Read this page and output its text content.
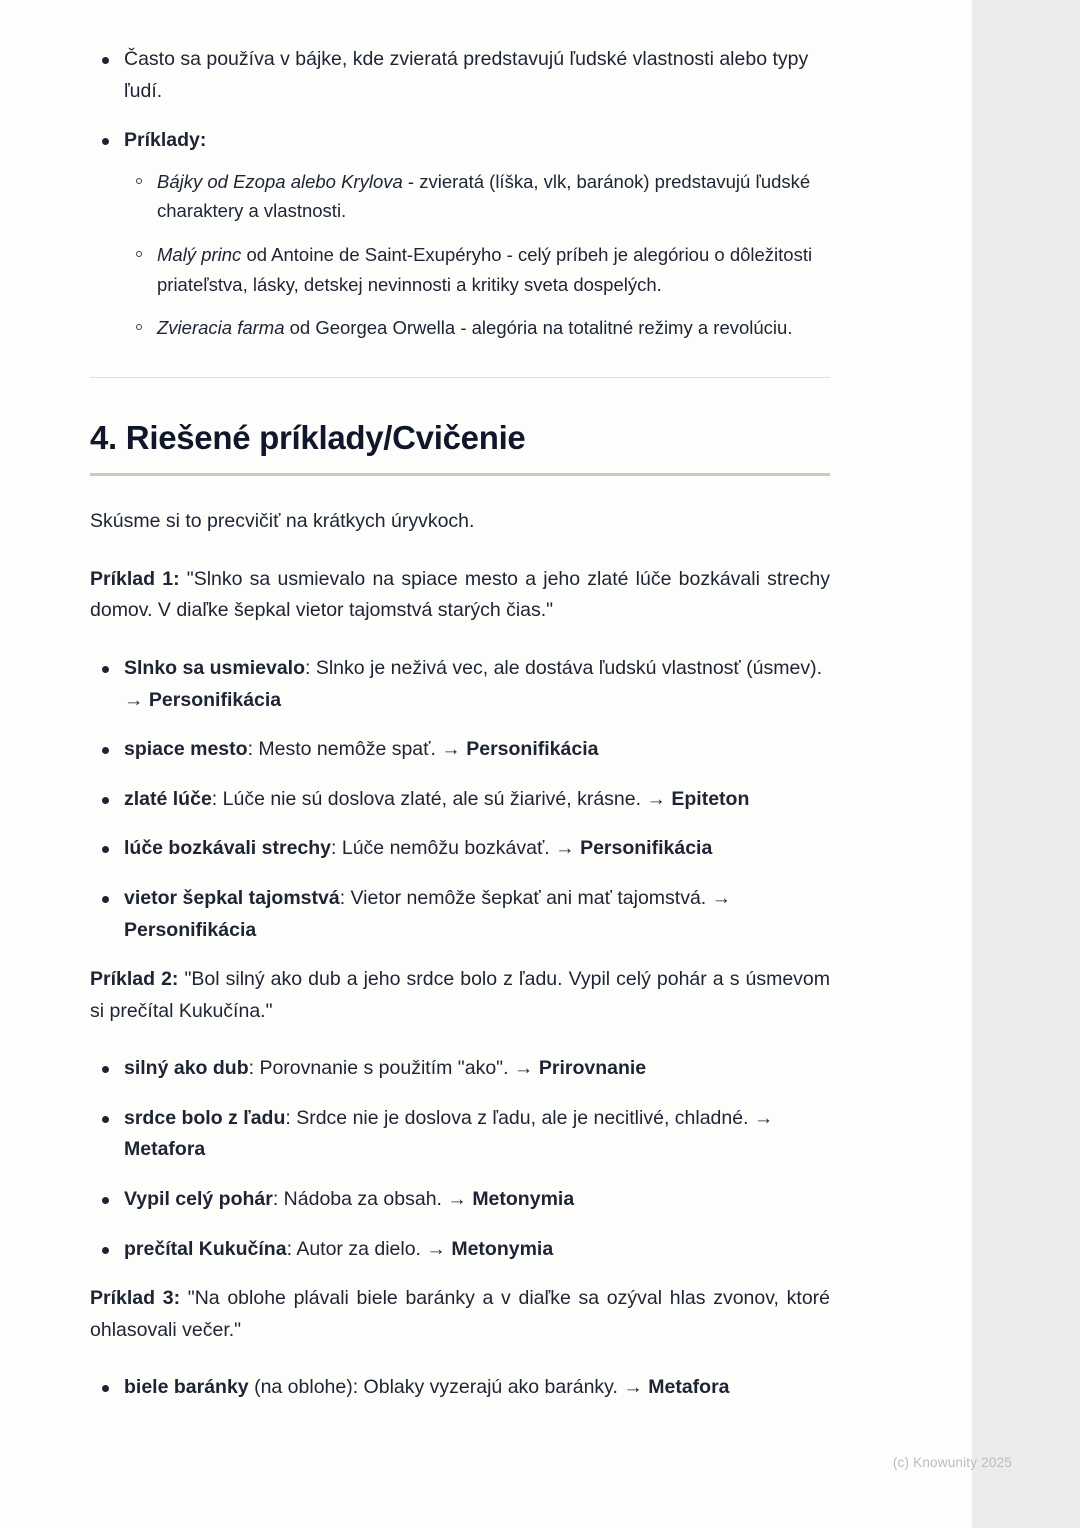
Často sa používa v bájke, kde zvieratá predstavujú ľudské vlastnosti alebo typy ľudí.
Príklady:
Bájky od Ezopa alebo Krylova - zvieratá (líška, vlk, baránok) predstavujú ľudské charaktery a vlastnosti.
Malý princ od Antoine de Saint-Exupéryho - celý príbeh je alegóriou o dôležitosti priateľstva, lásky, detskej nevinnosti a kritiky sveta dospelých.
Zvieracia farma od Georgea Orwella - alegória na totalitné režimy a revolúciu.
4. Riešené príklady/Cvičenie

Skúsme si to precvičiť na krátkych úryvkoch.

Príklad 1: "Slnko sa usmievalo na spiace mesto a jeho zlaté lúče bozkávali strechy domov. V diaľke šepkal vietor tajomstvá starých čias."

Slnko sa usmievalo: Slnko je neživá vec, ale dostáva ľudskú vlastnosť (úsmev). → Personifikácia
spiace mesto: Mesto nemôže spať. → Personifikácia
zlaté lúče: Lúče nie sú doslova zlaté, ale sú žiarivé, krásne. → Epiteton
lúče bozkávali strechy: Lúče nemôžu bozkávať. → Personifikácia
vietor šepkal tajomstvá: Vietor nemôže šepkať ani mať tajomstvá. → Personifikácia

Príklad 2: "Bol silný ako dub a jeho srdce bolo z ľadu. Vypil celý pohár a s úsmevom si prečítal Kukučína."

silný ako dub: Porovnanie s použitím "ako". → Prirovnanie
srdce bolo z ľadu: Srdce nie je doslova z ľadu, ale je necitlivé, chladné. → Metafora
Vypil celý pohár: Nádoba za obsah. → Metonymia
prečítal Kukučína: Autor za dielo. → Metonymia

Príklad 3: "Na oblohe plávali biele baránky a v diaľke sa ozýval hlas zvonov, ktoré ohlasovali večer."

biele baránky (na oblohe): Oblaky vyzerajú ako baránky. → Metafora
(c) Knowunity 2025
